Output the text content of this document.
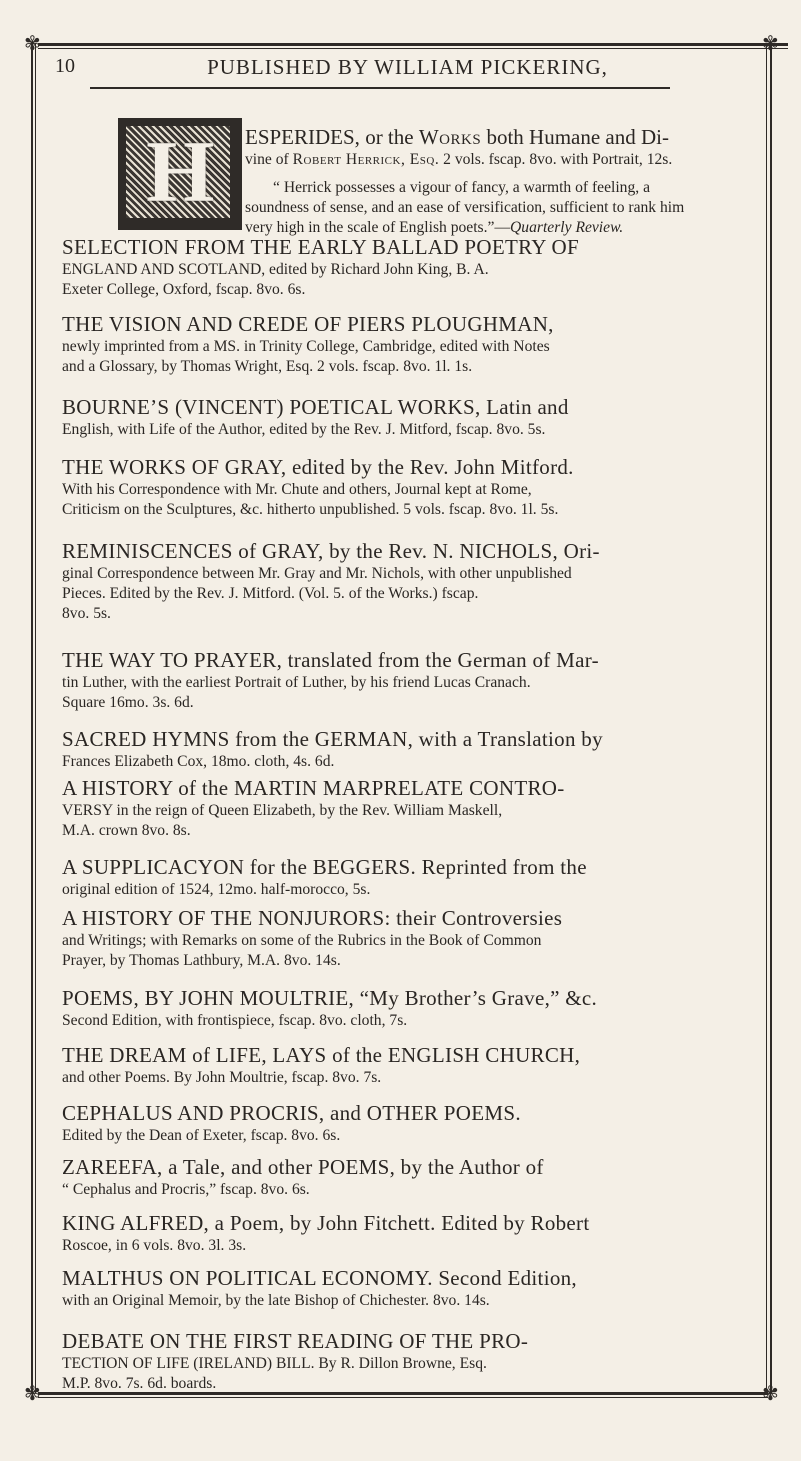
✾	✾
✾	✾
10	PUBLISHED BY WILLIAM PICKERING,
H ESPERIDES, or the Works both Humane and Di-
vine of Robert Herrick, Esq. 2 vols. fscap. 8vo. with Portrait, 12s.
“ Herrick possesses a vigour of fancy, a warmth of feeling, a
soundness of sense, and an ease of versification, sufficient to rank him
very high in the scale of English poets.”—Quarterly Review.
SELECTION FROM THE EARLY BALLAD POETRY OF
ENGLAND AND SCOTLAND, edited by Richard John King, B. A.
Exeter College, Oxford, fscap. 8vo. 6s.
THE VISION AND CREDE OF PIERS PLOUGHMAN,
newly imprinted from a MS. in Trinity College, Cambridge, edited with Notes
and a Glossary, by Thomas Wright, Esq. 2 vols. fscap. 8vo. 1l. 1s.
BOURNE’S (VINCENT) POETICAL WORKS, Latin and
English, with Life of the Author, edited by the Rev. J. Mitford, fscap. 8vo. 5s.
THE WORKS OF GRAY, edited by the Rev. John Mitford.
With his Correspondence with Mr. Chute and others, Journal kept at Rome,
Criticism on the Sculptures, &c. hitherto unpublished. 5 vols. fscap. 8vo. 1l. 5s.
REMINISCENCES of GRAY, by the Rev. N. NICHOLS, Ori-
ginal Correspondence between Mr. Gray and Mr. Nichols, with other unpublished
Pieces. Edited by the Rev. J. Mitford. (Vol. 5. of the Works.) fscap.
8vo. 5s.
THE WAY TO PRAYER, translated from the German of Mar-
tin Luther, with the earliest Portrait of Luther, by his friend Lucas Cranach.
Square 16mo. 3s. 6d.
SACRED HYMNS from the GERMAN, with a Translation by
Frances Elizabeth Cox, 18mo. cloth, 4s. 6d.
A HISTORY of the MARTIN MARPRELATE CONTRO-
VERSY in the reign of Queen Elizabeth, by the Rev. William Maskell,
M.A. crown 8vo. 8s.
A SUPPLICACYON for the BEGGERS. Reprinted from the
original edition of 1524, 12mo. half-morocco, 5s.
A HISTORY OF THE NONJURORS: their Controversies
and Writings; with Remarks on some of the Rubrics in the Book of Common
Prayer, by Thomas Lathbury, M.A. 8vo. 14s.
POEMS, BY JOHN MOULTRIE, “My Brother’s Grave,” &c.
Second Edition, with frontispiece, fscap. 8vo. cloth, 7s.
THE DREAM of LIFE, LAYS of the ENGLISH CHURCH,
and other Poems. By John Moultrie, fscap. 8vo. 7s.
CEPHALUS AND PROCRIS, and OTHER POEMS.
Edited by the Dean of Exeter, fscap. 8vo. 6s.
ZAREEFA, a Tale, and other POEMS, by the Author of
“ Cephalus and Procris,” fscap. 8vo. 6s.
KING ALFRED, a Poem, by John Fitchett. Edited by Robert
Roscoe, in 6 vols. 8vo. 3l. 3s.
MALTHUS ON POLITICAL ECONOMY. Second Edition,
with an Original Memoir, by the late Bishop of Chichester. 8vo. 14s.
DEBATE ON THE FIRST READING OF THE PRO-
TECTION OF LIFE (IRELAND) BILL. By R. Dillon Browne, Esq.
M.P. 8vo. 7s. 6d. boards.
